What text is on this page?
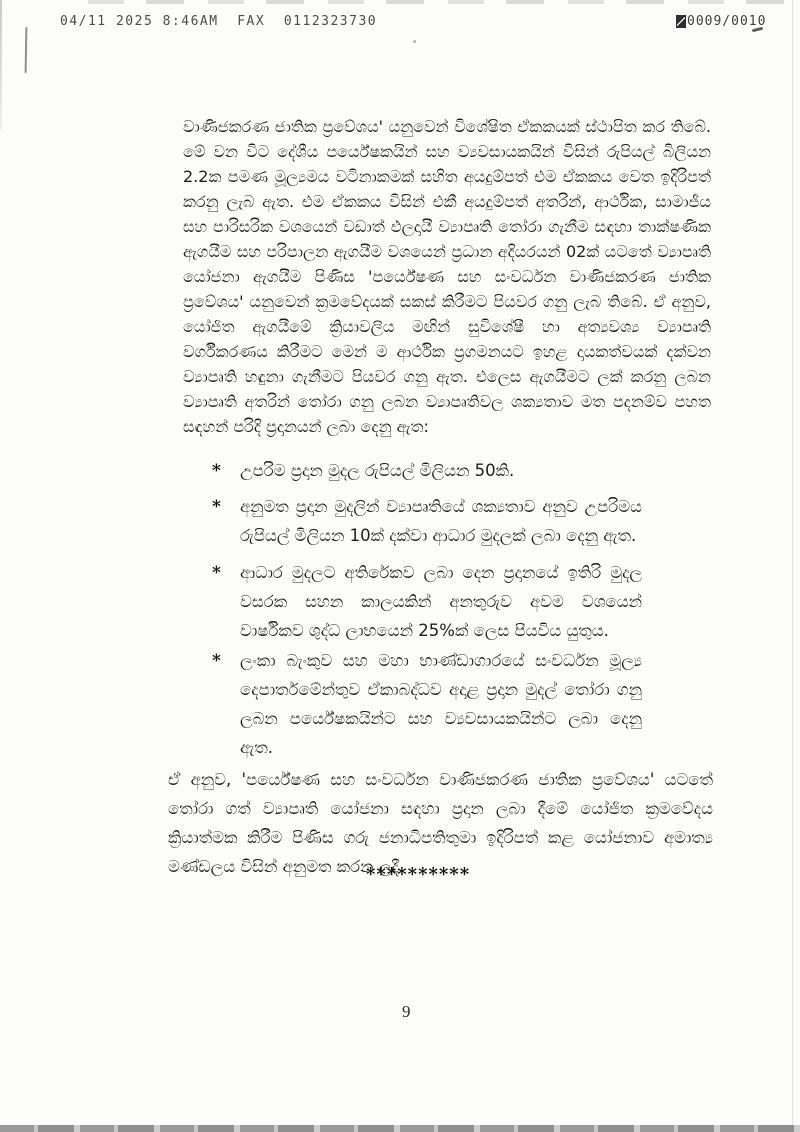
04/11 2025 8:46AM  FAX  0112323730	0009/0010

වාණිජකරණ ජාතික ප්‍රවේශය' යනුවෙන් විශේෂිත ඒකකයක් ස්ථාපිත කර තිබේ. මේ වන විට දේශීය පර්යේෂකයින් සහ ව්‍යවසායකයින් විසින් රුපියල් බිලියන 2.2ක පමණ මූල්‍යමය වටිනාකමක් සහිත අයදුම්පත් එම ඒකකය වෙත ඉදිරිපත් කරනු ලැබ ඇත. එම ඒකකය විසින් එකී අයදුම්පත් අතරින්, ආර්ථික, සාමාජීය සහ පාරිසරික වශයෙන් වඩාත් ඵලදායී ව්‍යාපෘති තෝරා ගැනීම සඳහා තාක්ෂණික ඇගයීම සහ පරිපාලන ඇගයීම වශයෙන් ප්‍රධාන අදියරයන් 02ක් යටතේ ව්‍යාපෘති යෝජනා ඇගයීම පිණිස 'පර්යේෂණ සහ සංවර්ධන වාණිජකරණ ජාතික ප්‍රවේශය' යනුවෙන් ක්‍රමවේදයක් සකස් කිරීමට පියවර ගනු ලැබ තිබේ. ඒ අනුව, යෝජිත ඇගයීමේ ක්‍රියාවලිය මඟින් සුවිශේෂී හා අත්‍යවශ්‍ය ව්‍යාපෘති වර්ගීකරණය කිරීමට මෙන් ම ආර්ථික ප්‍රගමනයට ඉහළ දායකත්වයක් දක්වන ව්‍යාපෘති හඳුනා ගැනීමට පියවර ගනු ඇත. එලෙස ඇගයීමට ලක් කරනු ලබන ව්‍යාපෘති අතරින් තෝරා ගනු ලබන ව්‍යාපෘතිවල ශක්‍යතාව මත පදනම්ව පහත සඳහන් පරිදි ප්‍රදානයන් ලබා දෙනු ඇත:

* උපරිම ප්‍රදාන මුදල රුපියල් මිලියන 50කි.
* අනුමත ප්‍රදාන මුදලින් ව්‍යාපෘතියේ ශක්‍යතාව අනුව උපරිමය රුපියල් මිලියන 10ක් දක්වා ආධාර මුදලක් ලබා දෙනු ඇත.
* ආධාර මුදලට අතිරේකව ලබා දෙන ප්‍රදානයේ ඉතිරි මුදල වසරක සහන කාලයකින් අනතුරුව අවම වශයෙන් වාර්ෂිකව ශුද්ධ ලාභයෙන් 25%ක් ලෙස පියවිය යුතුය.
* ලංකා බැංකුව සහ මහා භාණ්ඩාගාරයේ සංවර්ධන මූල්‍ය දෙපාර්තමේන්තුව ඒකාබද්ධව අදාළ ප්‍රදාන මුදල් තෝරා ගනු ලබන පර්යේෂකයින්ට සහ ව්‍යවසායකයින්ට ලබා දෙනු ඇත.

ඒ අනුව, 'පර්යේෂණ සහ සංවර්ධන වාණිජකරණ ජාතික ප්‍රවේශය' යටතේ තෝරා ගත් ව්‍යාපෘති යෝජනා සඳහා ප්‍රදාන ලබා දීමේ යෝජිත ක්‍රමවේදය ක්‍රියාත්මක කිරීම පිණිස ගරු ජනාධිපතිතුමා ඉදිරිපත් කළ යෝජනාව අමාත්‍ය මණ්ඩලය විසින් අනුමත කරන ලදී.

**********
9
